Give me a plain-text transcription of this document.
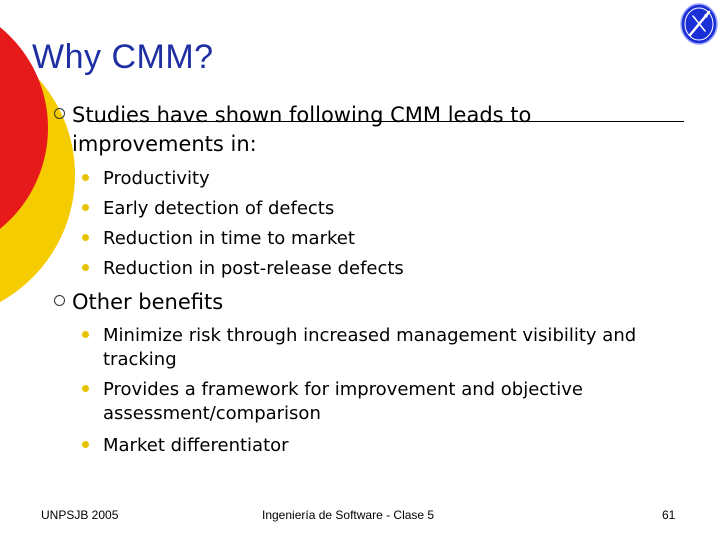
Why CMM?
Studies have shown following CMM leads to improvements in:
Productivity
Early detection of defects
Reduction in time to market
Reduction in post-release defects
Other benefits
Minimize risk through increased management visibility and tracking
Provides a framework for improvement and objective assessment/comparison
Market differentiator
UNPSJB 2005	Ingeniería de Software - Clase 5	61
